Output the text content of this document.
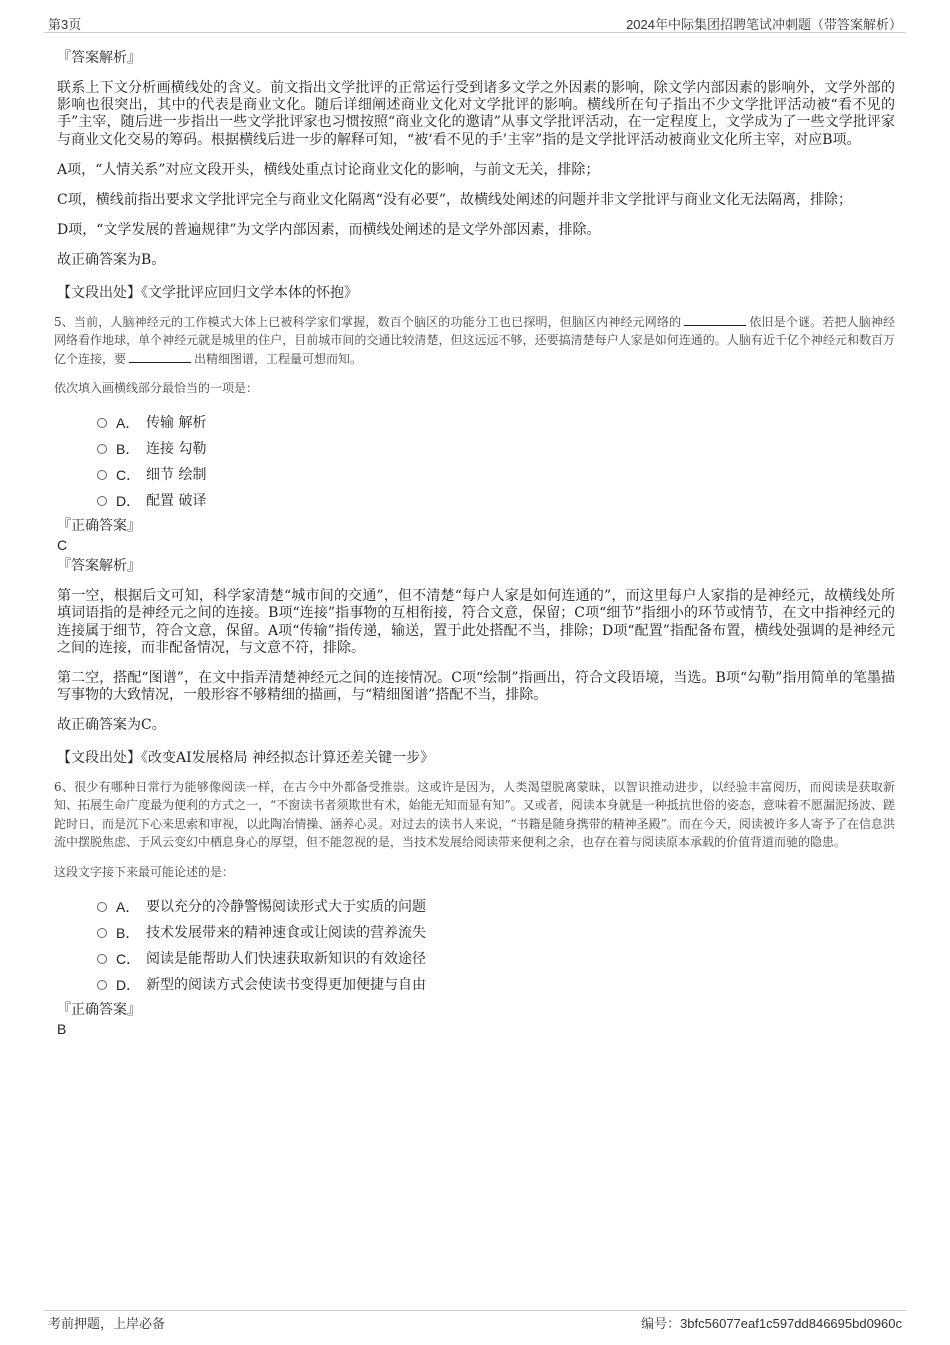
第3页	2024年中际集团招聘笔试冲刺题（带答案解析）
『答案解析』

联系上下文分析画横线处的含义。前文指出文学批评的正常运行受到诸多文学之外因素的影响，除文学内部因素的影响外，文学外部的影响也很突出，其中的代表是商业文化。随后详细阐述商业文化对文学批评的影响。横线所在句子指出不少文学批评活动被“看不见的手”主宰，随后进一步指出一些文学批评家也习惯按照“商业文化的邀请”从事文学批评活动，在一定程度上，文学成为了一些文学批评家与商业文化交易的筹码。根据横线后进一步的解释可知，“被‘看不见的手’主宰”指的是文学批评活动被商业文化所主宰，对应B项。

A项，“人情关系”对应文段开头，横线处重点讨论商业文化的影响，与前文无关，排除；

C项，横线前指出要求文学批评完全与商业文化隔离“没有必要”，故横线处阐述的问题并非文学批评与商业文化无法隔离，排除；

D项，“文学发展的普遍规律”为文学内部因素，而横线处阐述的是文学外部因素，排除。

故正确答案为B。

【文段出处】《文学批评应回归文学本体的怀抱》

5、当前，人脑神经元的工作模式大体上已被科学家们掌握，数百个脑区的功能分工也已探明，但脑区内神经元网络的	依旧是个谜。若把人脑神经网络看作地球，单个神经元就是城里的住户，目前城市间的交通比较清楚，但这远远不够，还要搞清楚每户人家是如何连通的。人脑有近千亿个神经元和数百万亿个连接，要	出精细图谱，工程量可想而知。
依次填入画横线部分最恰当的一项是：
A． 传输 解析
B． 连接 勾勒
C． 细节 绘制
D． 配置 破译
『正确答案』
C
『答案解析』

第一空，根据后文可知，科学家清楚“城市间的交通”，但不清楚“每户人家是如何连通的”，而这里每户人家指的是神经元，故横线处所填词语指的是神经元之间的连接。B项“连接”指事物的互相衔接，符合文意，保留；C项“细节”指细小的环节或情节，在文中指神经元的连接属于细节，符合文意，保留。A项“传输”指传递，输送，置于此处搭配不当，排除；D项“配置”指配备布置，横线处强调的是神经元之间的连接，而非配备情况，与文意不符，排除。

第二空，搭配“图谱”，在文中指弄清楚神经元之间的连接情况。C项“绘制”指画出，符合文段语境，当选。B项“勾勒”指用简单的笔墨描写事物的大致情况，一般形容不够精细的描画，与“精细图谱”搭配不当，排除。

故正确答案为C。

【文段出处】《改变AI发展格局 神经拟态计算还差关键一步》

6、很少有哪种日常行为能够像阅读一样，在古今中外都备受推崇。这或许是因为，人类渴望脱离蒙昧，以智识推动进步，以经验丰富阅历，而阅读是获取新知、拓展生命广度最为便利的方式之一，“不窗读书者须欺世有术，始能无知而显有知”。又或者，阅读本身就是一种抵抗世俗的姿态，意味着不愿漏泥扬波、蹉跎时日，而是沉下心来思索和审视，以此陶冶情操、涵养心灵。对过去的读书人来说，“书籍是随身携带的精神圣殿”。而在今天，阅读被许多人寄予了在信息洪流中摆脱焦虑、于风云变幻中栖息身心的厚望，但不能忽视的是，当技术发展给阅读带来便利之余，也存在着与阅读原本承载的价值背道而驰的隐患。
这段文字接下来最可能论述的是：
A． 要以充分的冷静警惕阅读形式大于实质的问题
B． 技术发展带来的精神速食或让阅读的营养流失
C． 阅读是能帮助人们快速获取新知识的有效途径
D． 新型的阅读方式会使读书变得更加便捷与自由
『正确答案』
B
考前押题，上岸必备	编号：3bfc56077eaf1c597dd846695bd0960c
